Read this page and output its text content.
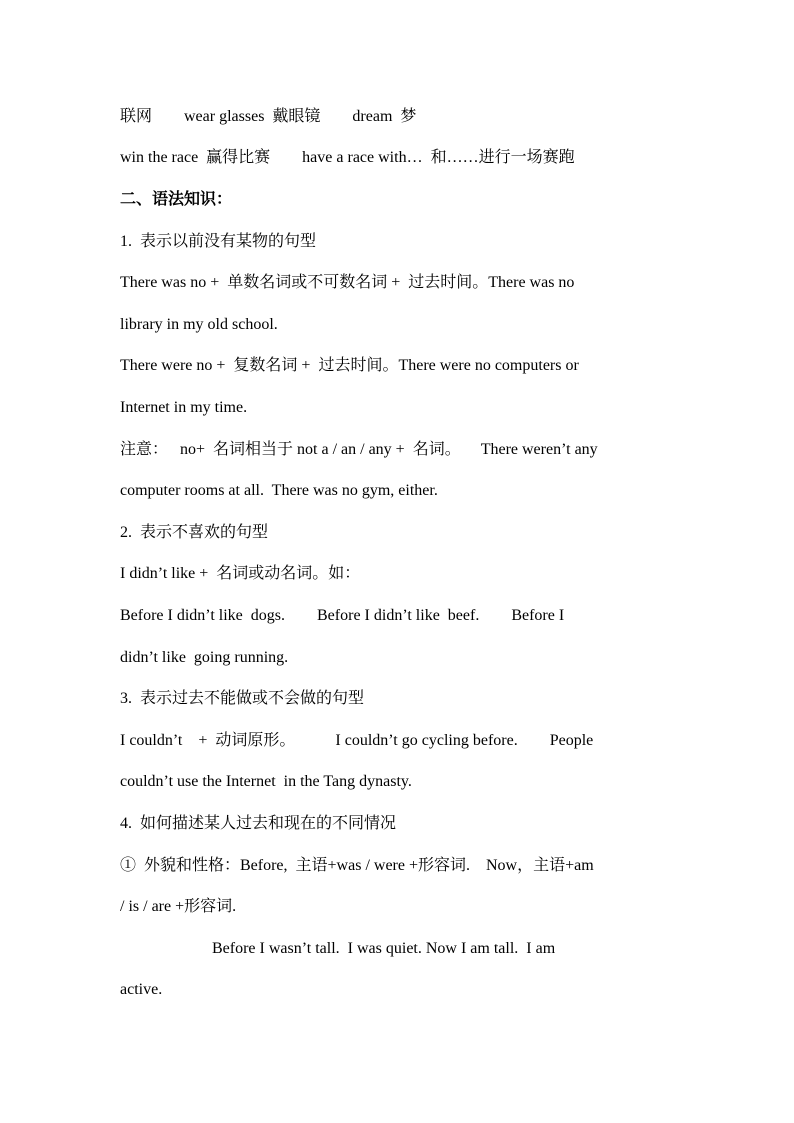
联网        wear glasses  戴眼镜        dream  梦
win the race  赢得比赛        have a race with…  和……进行一场赛跑
二、语法知识：
1.  表示以前没有某物的句型
There was no +  单数名词或不可数名词 +  过去时间。There was no
library in my old school.
There were no +  复数名词 +  过去时间。There were no computers or
Internet in my time.
注意：   no+  名词相当于 not a / an / any +  名词。     There weren’t any
computer rooms at all.  There was no gym, either.
2.  表示不喜欢的句型
I didn’t like +  名词或动名词。如：
Before I didn’t like  dogs.        Before I didn’t like  beef.        Before I
didn’t like  going running.
3.  表示过去不能做或不会做的句型
I couldn’t    +  动词原形。          I couldn’t go cycling before.        People
couldn’t use the Internet  in the Tang dynasty.
4.  如何描述某人过去和现在的不同情况
①  外貌和性格：Before,  主语+was / were +形容词.    Now，主语+am
/ is / are +形容词.
Before I wasn’t tall.  I was quiet. Now I am tall.  I am
active.
